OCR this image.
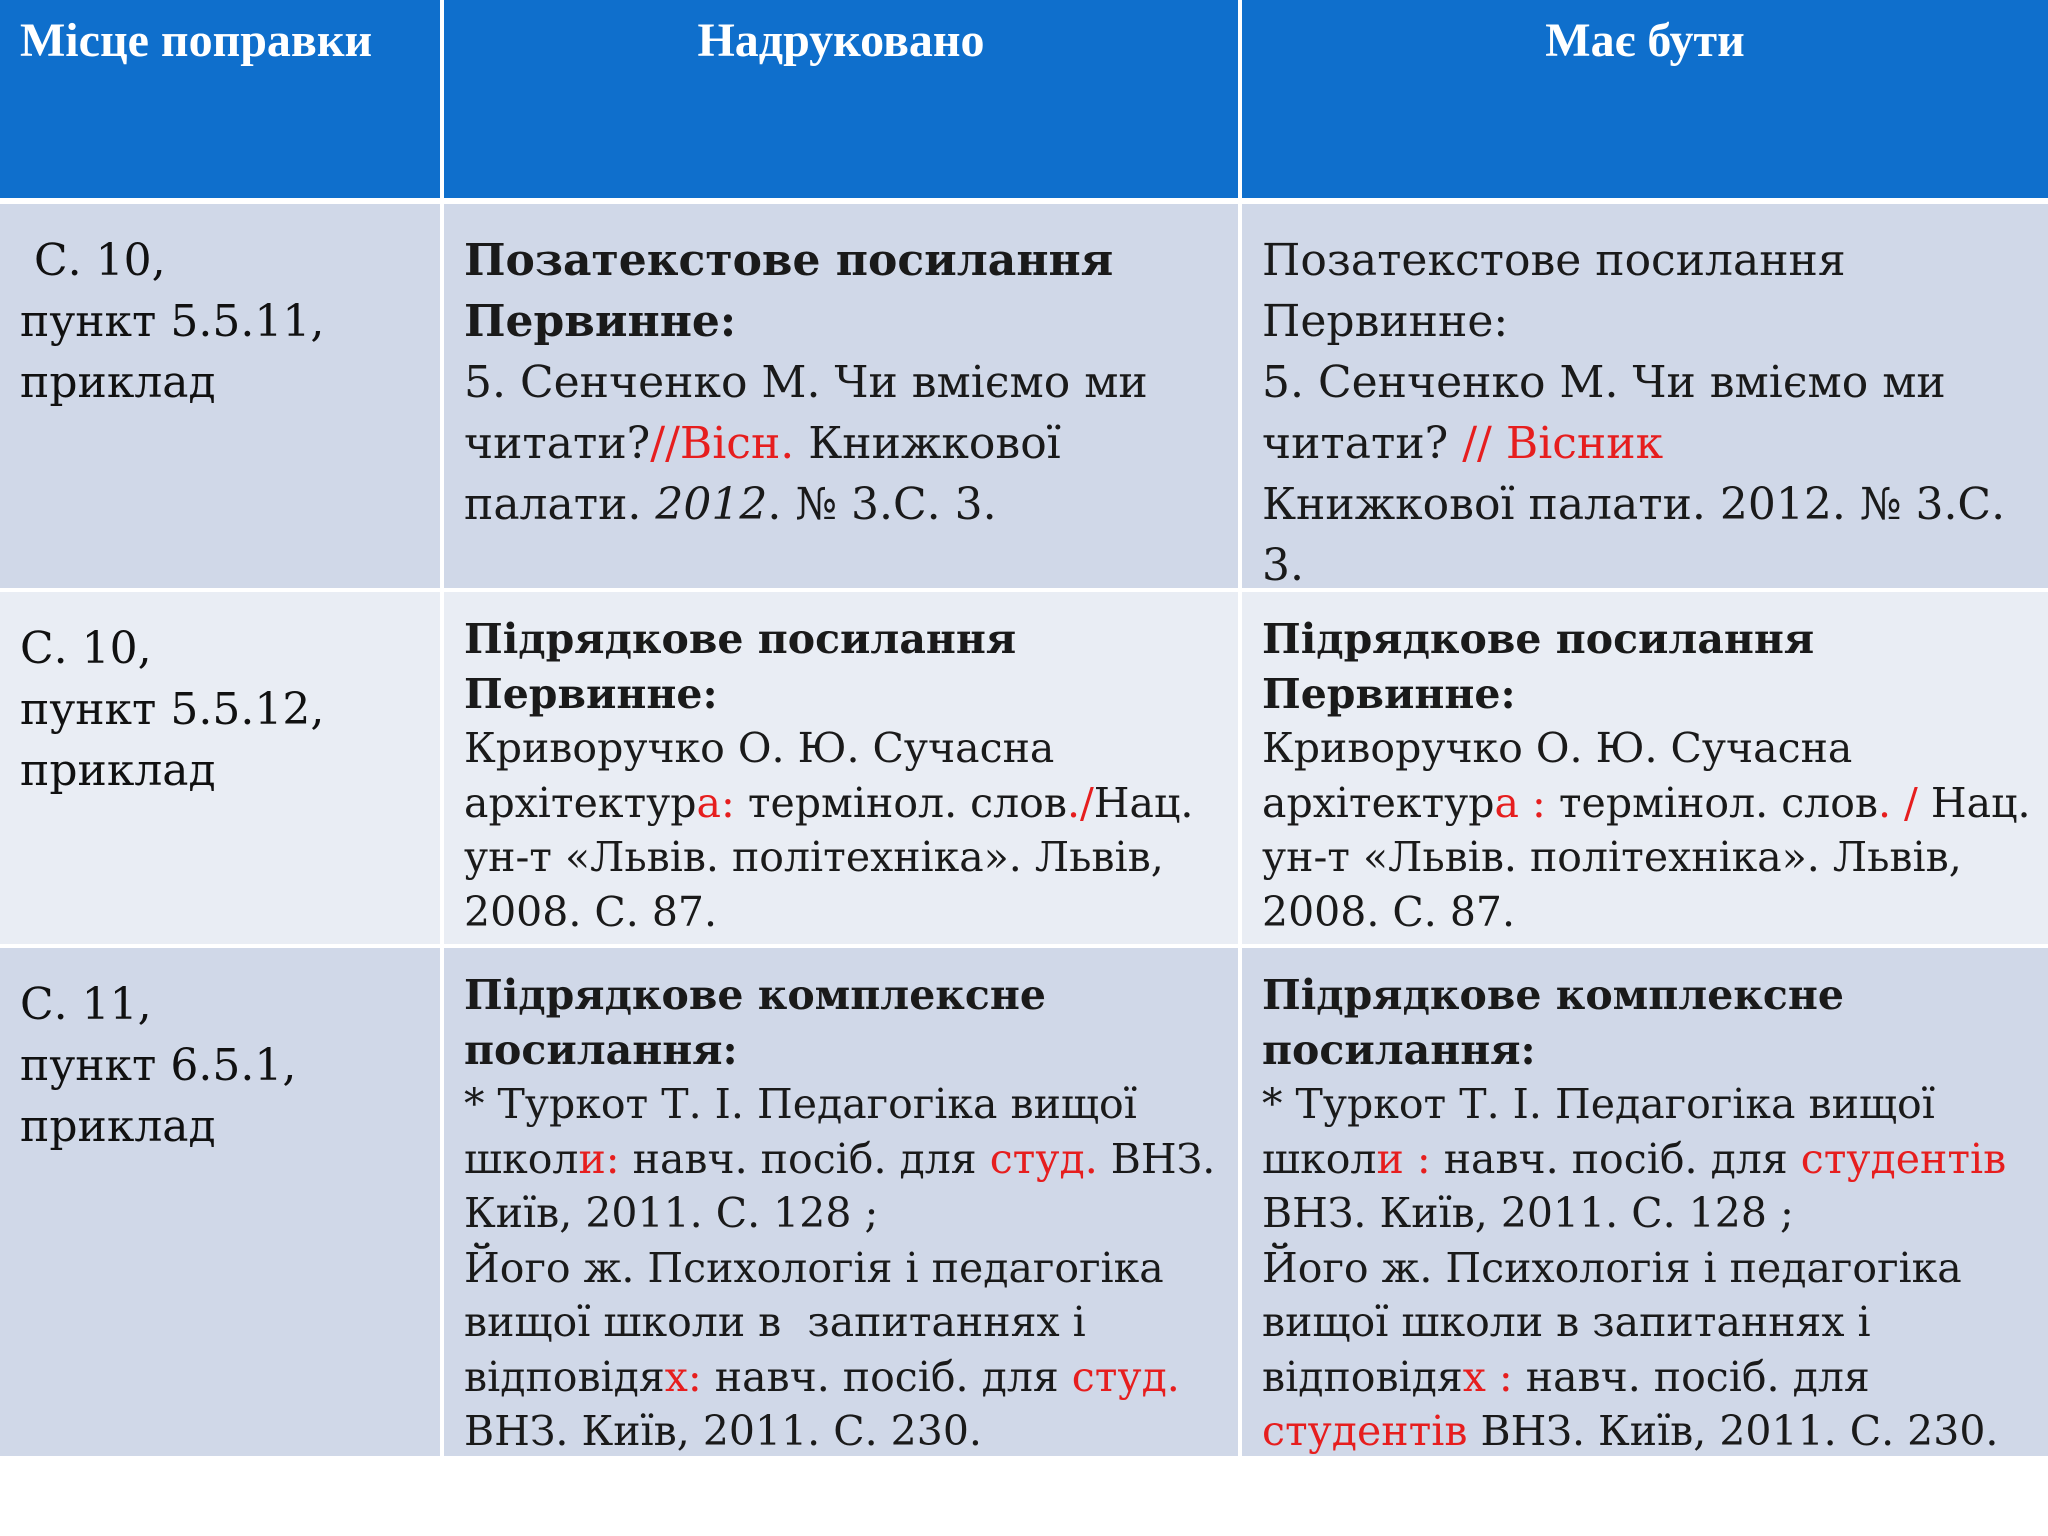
Місце поправки	Надруковано	Має бути
С. 10,
пункт 5.5.11,
приклад
Позатекстове посилання
Первинне:
5. Сенченко М. Чи вміємо ми
читати?//Вісн. Книжкової
палати. 2012. № 3.С. 3.
Позатекстове посилання
Первинне:
5. Сенченко М. Чи вміємо ми
читати? // Вісник
Книжкової палати. 2012. № 3.С.
3.
С. 10,
пункт 5.5.12,
приклад
Підрядкове посилання
Первинне:
Криворучко О. Ю. Сучасна
архітектура: термінол. слов./Нац.
ун-т «Львів. політехніка». Львів,
2008. С. 87.
Підрядкове посилання
Первинне:
Криворучко О. Ю. Сучасна
архітектура : термінол. слов. / Нац.
ун-т «Львів. політехніка». Львів,
2008. С. 87.
С. 11,
пункт 6.5.1,
приклад
Підрядкове комплексне
посилання:
* Туркот Т. І. Педагогіка вищої
школи: навч. посіб. для студ. ВНЗ.
Київ, 2011. С. 128 ;
Його ж. Психологія і педагогіка
вищої школи в  запитаннях і
відповідях: навч. посіб. для студ.
ВНЗ. Київ, 2011. С. 230.
Підрядкове комплексне
посилання:
* Туркот Т. І. Педагогіка вищої
школи : навч. посіб. для студентів
ВНЗ. Київ, 2011. С. 128 ;
Його ж. Психологія і педагогіка
вищої школи в запитаннях і
відповідях : навч. посіб. для
студентів ВНЗ. Київ, 2011. С. 230.
